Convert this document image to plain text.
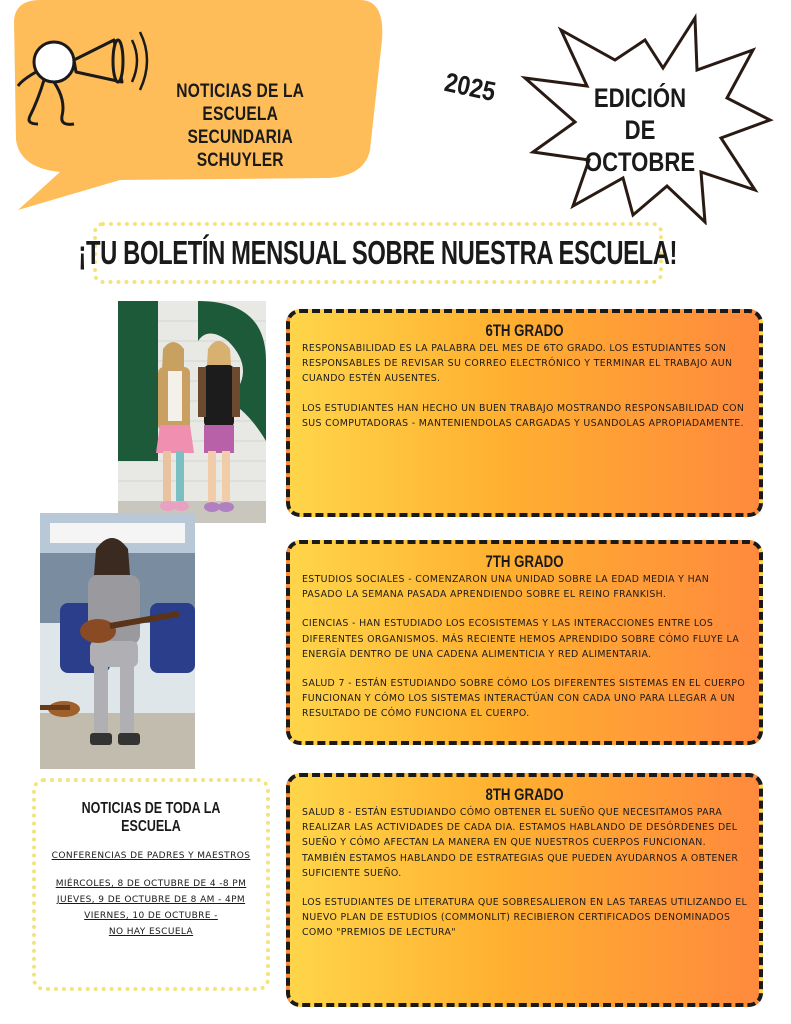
NOTICIAS DE LA ESCUELA
SECUNDARIA SCHUYLER
2025	EDICIÓN DE
OCTOBRE
¡TU BOLETÍN MENSUAL SOBRE NUESTRA ESCUELA!
6TH GRADO

RESPONSABILIDAD ES LA PALABRA DEL MES DE 6TO GRADO. LOS ESTUDIANTES SON RESPONSABLES DE REVISAR SU CORREO ELECTRÓNICO Y TERMINAR EL TRABAJO AUN CUANDO ESTÉN AUSENTES.

LOS ESTUDIANTES HAN HECHO UN BUEN TRABAJO MOSTRANDO RESPONSABILIDAD CON SUS COMPUTADORAS - MANTENIENDOLAS CARGADAS Y USANDOLAS APROPIADAMENTE.

7TH GRADO

ESTUDIOS SOCIALES - COMENZARON UNA UNIDAD SOBRE LA EDAD MEDIA Y HAN PASADO LA SEMANA PASADA APRENDIENDO SOBRE EL REINO FRANKISH.

CIENCIAS - HAN ESTUDIADO LOS ECOSISTEMAS Y LAS INTERACCIONES ENTRE LOS DIFERENTES ORGANISMOS. MÁS RECIENTE HEMOS APRENDIDO SOBRE CÓMO FLUYE LA ENERGÍA DENTRO DE UNA CADENA ALIMENTICIA Y RED ALIMENTARIA.

SALUD 7 - ESTÁN ESTUDIANDO SOBRE CÓMO LOS DIFERENTES SISTEMAS EN EL CUERPO FUNCIONAN Y CÓMO LOS SISTEMAS INTERACTÚAN CON CADA UNO PARA LLEGAR A UN RESULTADO DE CÓMO FUNCIONA EL CUERPO.

8TH GRADO

SALUD 8 - ESTÁN ESTUDIANDO CÓMO OBTENER EL SUEÑO QUE NECESITAMOS PARA REALIZAR LAS ACTIVIDADES DE CADA DIA. ESTAMOS HABLANDO DE DESÓRDENES DEL SUEÑO Y CÓMO AFECTAN LA MANERA EN QUE NUESTROS CUERPOS FUNCIONAN. TAMBIÉN ESTAMOS HABLANDO DE ESTRATEGIAS QUE PUEDEN AYUDARNOS A OBTENER SUFICIENTE SUEÑO.

LOS ESTUDIANTES DE LITERATURA QUE SOBRESALIERON EN LAS TAREAS UTILIZANDO EL NUEVO PLAN DE ESTUDIOS (COMMONLIT) RECIBIERON CERTIFICADOS DENOMINADOS COMO "PREMIOS DE LECTURA"

NOTICIAS DE TODA LA ESCUELA
CONFERENCIAS DE PADRES Y MAESTROS
MIÉRCOLES, 8 DE OCTUBRE DE 4 -8 PM
JUEVES, 9 DE OCTUBRE DE 8 AM - 4PM
VIERNES, 10 DE OCTUBRE -
NO HAY ESCUELA
